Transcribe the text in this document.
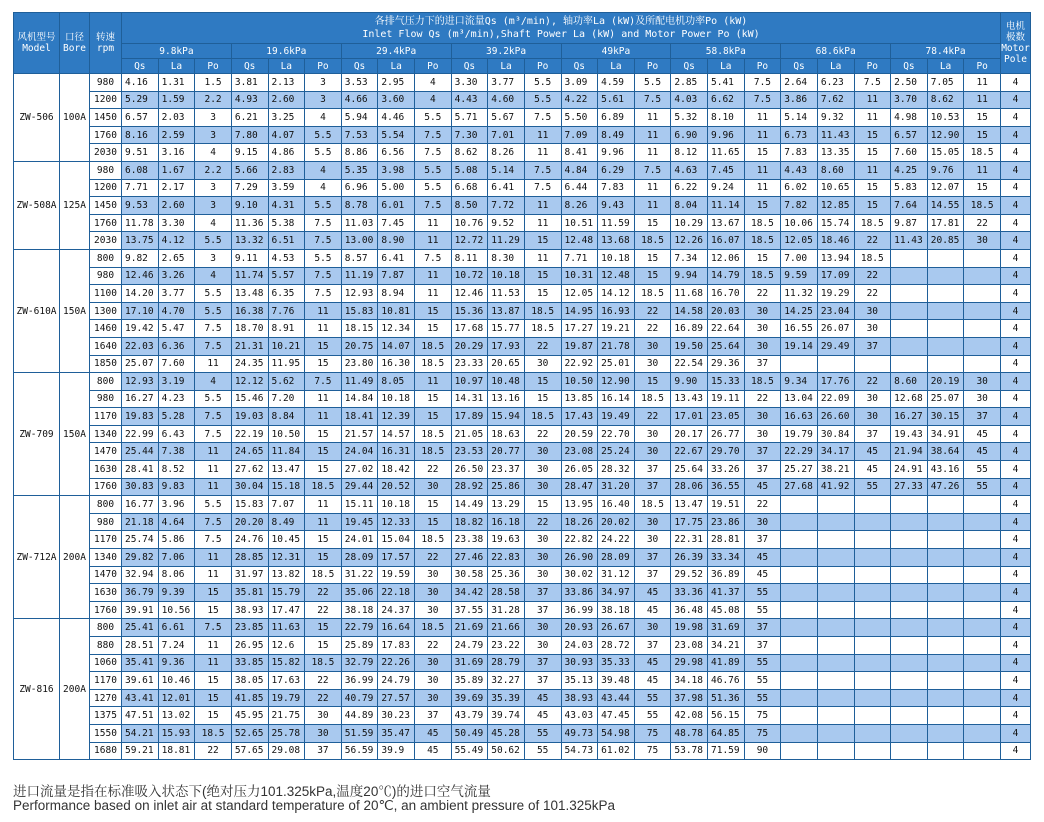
风机型号
Model	口径
Bore	转速
rpm	各排气压力下的进口流量Qs (m³/min), 轴功率La (kW)及所配电机功率Po (kW)
Inlet Flow Qs (m³/min),Shaft Power La (kW) and Motor Power Po (kW)																								电机
极数
Motor
Pole

			9.8kPa			19.6kPa			29.4kPa			39.2kPa			49kPa			58.8kPa			68.6kPa			78.4kPa			
			Qs	La	Po	Qs	La	Po	Qs	La	Po	Qs	La	Po	Qs	La	Po	Qs	La	Po	Qs	La	Po	Qs	La	Po	
ZW-506	100A	980	4.16	1.31	1.5	3.81	2.13	3	3.53	2.95	4	3.30	3.77	5.5	3.09	4.59	5.5	2.85	5.41	7.5	2.64	6.23	7.5	2.50	7.05	11	4
		1200	5.29	1.59	2.2	4.93	2.60	3	4.66	3.60	4	4.43	4.60	5.5	4.22	5.61	7.5	4.03	6.62	7.5	3.86	7.62	11	3.70	8.62	11	4
		1450	6.57	2.03	3	6.21	3.25	4	5.94	4.46	5.5	5.71	5.67	7.5	5.50	6.89	11	5.32	8.10	11	5.14	9.32	11	4.98	10.53	15	4
		1760	8.16	2.59	3	7.80	4.07	5.5	7.53	5.54	7.5	7.30	7.01	11	7.09	8.49	11	6.90	9.96	11	6.73	11.43	15	6.57	12.90	15	4
		2030	9.51	3.16	4	9.15	4.86	5.5	8.86	6.56	7.5	8.62	8.26	11	8.41	9.96	11	8.12	11.65	15	7.83	13.35	15	7.60	15.05	18.5	4
ZW-508A	125A	980	6.08	1.67	2.2	5.66	2.83	4	5.35	3.98	5.5	5.08	5.14	7.5	4.84	6.29	7.5	4.63	7.45	11	4.43	8.60	11	4.25	9.76	11	4
		1200	7.71	2.17	3	7.29	3.59	4	6.96	5.00	5.5	6.68	6.41	7.5	6.44	7.83	11	6.22	9.24	11	6.02	10.65	15	5.83	12.07	15	4
		1450	9.53	2.60	3	9.10	4.31	5.5	8.78	6.01	7.5	8.50	7.72	11	8.26	9.43	11	8.04	11.14	15	7.82	12.85	15	7.64	14.55	18.5	4
		1760	11.78	3.30	4	11.36	5.38	7.5	11.03	7.45	11	10.76	9.52	11	10.51	11.59	15	10.29	13.67	18.5	10.06	15.74	18.5	9.87	17.81	22	4
		2030	13.75	4.12	5.5	13.32	6.51	7.5	13.00	8.90	11	12.72	11.29	15	12.48	13.68	18.5	12.26	16.07	18.5	12.05	18.46	22	11.43	20.85	30	4
ZW-610A	150A	800	9.82	2.65	3	9.11	4.53	5.5	8.57	6.41	7.5	8.11	8.30	11	7.71	10.18	15	7.34	12.06	15	7.00	13.94	18.5				4
		980	12.46	3.26	4	11.74	5.57	7.5	11.19	7.87	11	10.72	10.18	15	10.31	12.48	15	9.94	14.79	18.5	9.59	17.09	22				4
		1100	14.20	3.77	5.5	13.48	6.35	7.5	12.93	8.94	11	12.46	11.53	15	12.05	14.12	18.5	11.68	16.70	22	11.32	19.29	22				4
		1300	17.10	4.70	5.5	16.38	7.76	11	15.83	10.81	15	15.36	13.87	18.5	14.95	16.93	22	14.58	20.03	30	14.25	23.04	30				4
		1460	19.42	5.47	7.5	18.70	8.91	11	18.15	12.34	15	17.68	15.77	18.5	17.27	19.21	22	16.89	22.64	30	16.55	26.07	30				4
		1640	22.03	6.36	7.5	21.31	10.21	15	20.75	14.07	18.5	20.29	17.93	22	19.87	21.78	30	19.50	25.64	30	19.14	29.49	37				4
		1850	25.07	7.60	11	24.35	11.95	15	23.80	16.30	18.5	23.33	20.65	30	22.92	25.01	30	22.54	29.36	37							4
ZW-709	150A	800	12.93	3.19	4	12.12	5.62	7.5	11.49	8.05	11	10.97	10.48	15	10.50	12.90	15	9.90	15.33	18.5	9.34	17.76	22	8.60	20.19	30	4
		980	16.27	4.23	5.5	15.46	7.20	11	14.84	10.18	15	14.31	13.16	15	13.85	16.14	18.5	13.43	19.11	22	13.04	22.09	30	12.68	25.07	30	4
		1170	19.83	5.28	7.5	19.03	8.84	11	18.41	12.39	15	17.89	15.94	18.5	17.43	19.49	22	17.01	23.05	30	16.63	26.60	30	16.27	30.15	37	4
		1340	22.99	6.43	7.5	22.19	10.50	15	21.57	14.57	18.5	21.05	18.63	22	20.59	22.70	30	20.17	26.77	30	19.79	30.84	37	19.43	34.91	45	4
		1470	25.44	7.38	11	24.65	11.84	15	24.04	16.31	18.5	23.53	20.77	30	23.08	25.24	30	22.67	29.70	37	22.29	34.17	45	21.94	38.64	45	4
		1630	28.41	8.52	11	27.62	13.47	15	27.02	18.42	22	26.50	23.37	30	26.05	28.32	37	25.64	33.26	37	25.27	38.21	45	24.91	43.16	55	4
		1760	30.83	9.83	11	30.04	15.18	18.5	29.44	20.52	30	28.92	25.86	30	28.47	31.20	37	28.06	36.55	45	27.68	41.92	55	27.33	47.26	55	4
ZW-712A	200A	800	16.77	3.96	5.5	15.83	7.07	11	15.11	10.18	15	14.49	13.29	15	13.95	16.40	18.5	13.47	19.51	22							4
		980	21.18	4.64	7.5	20.20	8.49	11	19.45	12.33	15	18.82	16.18	22	18.26	20.02	30	17.75	23.86	30							4
		1170	25.74	5.86	7.5	24.76	10.45	15	24.01	15.04	18.5	23.38	19.63	30	22.82	24.22	30	22.31	28.81	37							4
		1340	29.82	7.06	11	28.85	12.31	15	28.09	17.57	22	27.46	22.83	30	26.90	28.09	37	26.39	33.34	45							4
		1470	32.94	8.06	11	31.97	13.82	18.5	31.22	19.59	30	30.58	25.36	30	30.02	31.12	37	29.52	36.89	45							4
		1630	36.79	9.39	15	35.81	15.79	22	35.06	22.18	30	34.42	28.58	37	33.86	34.97	45	33.36	41.37	55							4
		1760	39.91	10.56	15	38.93	17.47	22	38.18	24.37	30	37.55	31.28	37	36.99	38.18	45	36.48	45.08	55							4
ZW-816	200A	800	25.41	6.61	7.5	23.85	11.63	15	22.79	16.64	18.5	21.69	21.66	30	20.93	26.67	30	19.98	31.69	37							4
		880	28.51	7.24	11	26.95	12.6	15	25.89	17.83	22	24.79	23.22	30	24.03	28.72	37	23.08	34.21	37							4
		1060	35.41	9.36	11	33.85	15.82	18.5	32.79	22.26	30	31.69	28.79	37	30.93	35.33	45	29.98	41.89	55							4
		1170	39.61	10.46	15	38.05	17.63	22	36.99	24.79	30	35.89	32.27	37	35.13	39.48	45	34.18	46.76	55							4
		1270	43.41	12.01	15	41.85	19.79	22	40.79	27.57	30	39.69	35.39	45	38.93	43.44	55	37.98	51.36	55							4
		1375	47.51	13.02	15	45.95	21.75	30	44.89	30.23	37	43.79	39.74	45	43.03	47.45	55	42.08	56.15	75							4
		1550	54.21	15.93	18.5	52.65	25.78	30	51.59	35.47	45	50.49	45.28	55	49.73	54.98	75	48.78	64.85	75							4
		1680	59.21	18.81	22	57.65	29.08	37	56.59	39.9	45	55.49	50.62	55	54.73	61.02	75	53.78	71.59	90							4

进口流量是指在标准吸入状态下(绝对压力101.325kPa,温度20℃)的进口空气流量

Performance based on inlet air at standard temperature of 20℃, an ambient pressure of 101.325kPa
